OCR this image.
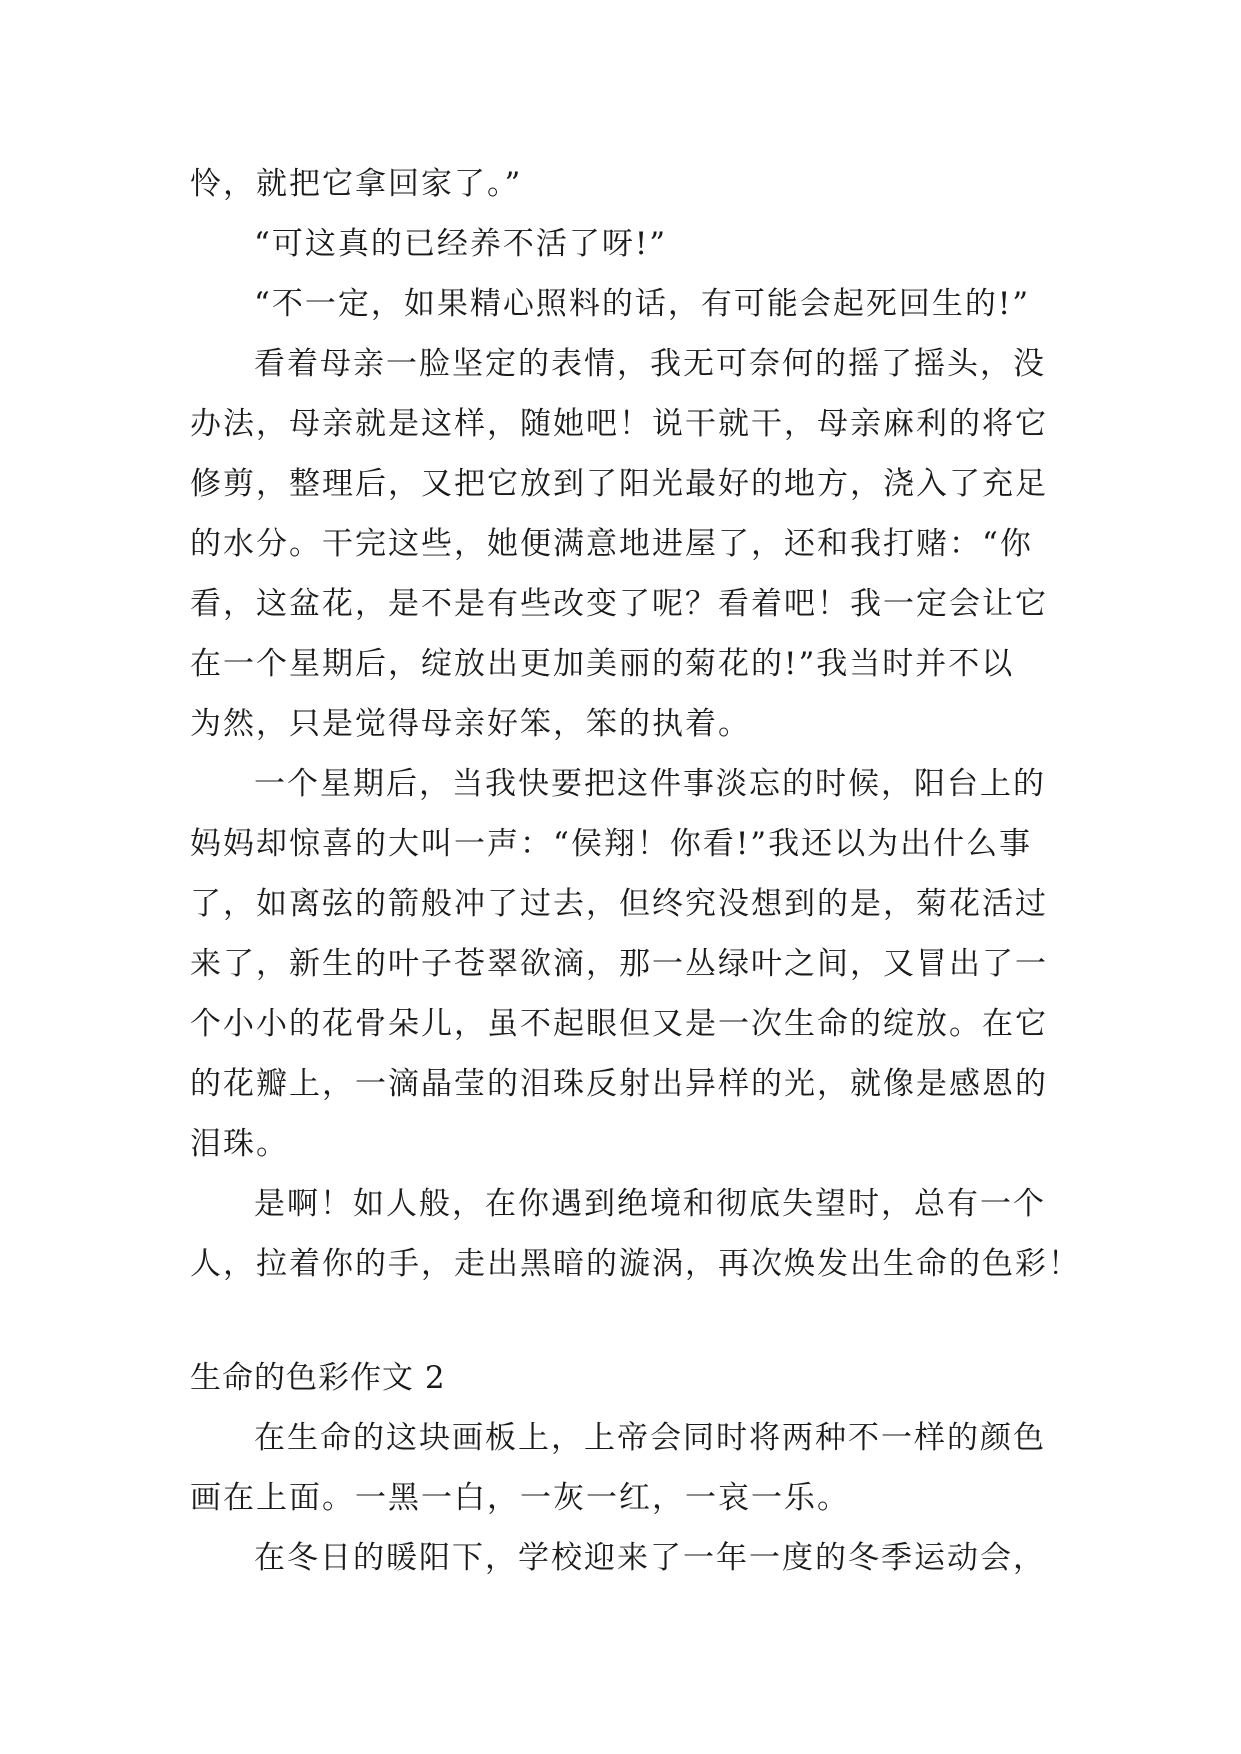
怜，就把它拿回家了。”
“可这真的已经养不活了呀!”
“不一定，如果精心照料的话，有可能会起死回生的!”
看着母亲一脸坚定的表情，我无可奈何的摇了摇头，没
办法，母亲就是这样，随她吧！说干就干，母亲麻利的将它
修剪，整理后，又把它放到了阳光最好的地方，浇入了充足
的水分。干完这些，她便满意地进屋了，还和我打赌：“你
看，这盆花，是不是有些改变了呢？看着吧！我一定会让它
在一个星期后，绽放出更加美丽的菊花的!”我当时并不以
为然，只是觉得母亲好笨，笨的执着。
一个星期后，当我快要把这件事淡忘的时候，阳台上的
妈妈却惊喜的大叫一声：“侯翔！你看!”我还以为出什么事
了，如离弦的箭般冲了过去，但终究没想到的是，菊花活过
来了，新生的叶子苍翠欲滴，那一丛绿叶之间，又冒出了一
个小小的花骨朵儿，虽不起眼但又是一次生命的绽放。在它
的花瓣上，一滴晶莹的泪珠反射出异样的光，就像是感恩的
泪珠。
是啊！如人般，在你遇到绝境和彻底失望时，总有一个
人，拉着你的手，走出黑暗的漩涡，再次焕发出生命的色彩！
生命的色彩作文 2
在生命的这块画板上，上帝会同时将两种不一样的颜色
画在上面。一黑一白，一灰一红，一哀一乐。
在冬日的暖阳下，学校迎来了一年一度的冬季运动会，
